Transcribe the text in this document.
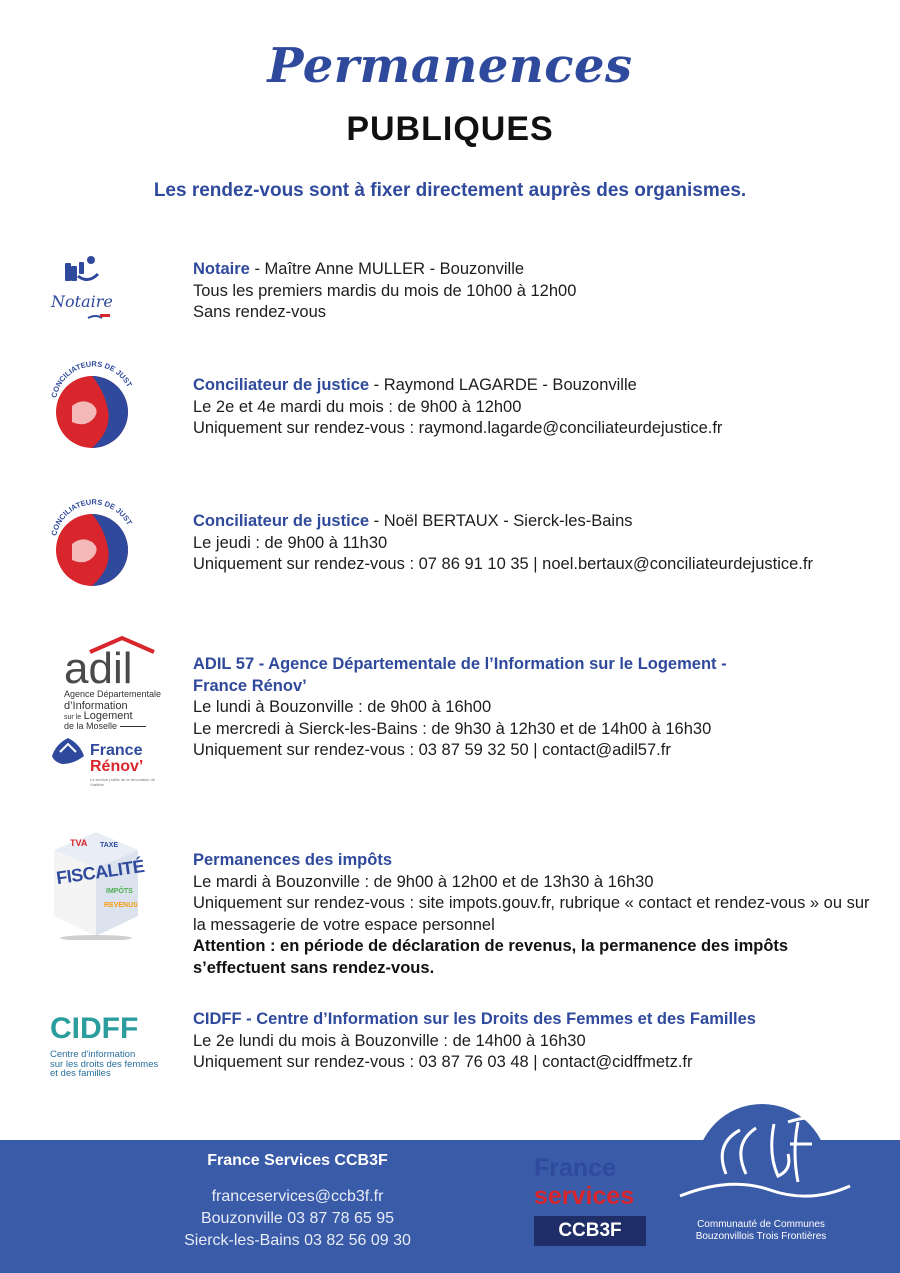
Permanences
PUBLIQUES

Les rendez-vous sont à fixer directement auprès des organismes.

Notaire
Notaire - Maître Anne MULLER - Bouzonville
Tous les premiers mardis du mois de 10h00 à 12h00
Sans rendez-vous
CONCILIATEURS DE JUST	Conciliateur de justice - Raymond LAGARDE - Bouzonville
Le 2e et 4e mardi du mois : de 9h00 à 12h00
Uniquement sur rendez-vous : raymond.lagarde@conciliateurdejustice.fr
CONCILIATEURS DE JUST	Conciliateur de justice - Noël BERTAUX - Sierck-les-Bains
Le jeudi : de 9h00 à 11h30
Uniquement sur rendez-vous : 07 86 91 10 35 | noel.bertaux@conciliateurdejustice.fr
adil
Agence Départementale
d’Information
sur le Logement
de la Moselle
France
Rénov’
Le service public de la rénovation de l'habitat
ADIL 57 - Agence Départementale de l’Information sur le Logement -
France Rénov’
Le lundi à Bouzonville : de 9h00 à 16h00
Le mercredi à Sierck-les-Bains : de 9h30 à 12h30 et de 14h00 à 16h30
Uniquement sur rendez-vous : 03 87 59 32 50 | contact@adil57.fr
TVA TAXE
IMPÔTS
REVENUS
FISCALITÉ	Permanences des impôts
Le mardi à Bouzonville : de 9h00 à 12h00 et de 13h30 à 16h30
Uniquement sur rendez-vous : site impots.gouv.fr, rubrique « contact et rendez-vous » ou sur la messagerie de votre espace personnel
Attention : en période de déclaration de revenus, la permanence des impôts s’effectuent sans rendez-vous.
CIDFF
Centre d'information
sur les droits des femmes
et des familles
CIDFF - Centre d’Information sur les Droits des Femmes et des Familles
Le 2e lundi du mois à Bouzonville : de 14h00 à 16h30
Uniquement sur rendez-vous : 03 87 76 03 48 | contact@cidffmetz.fr
France Services CCB3F
franceservices@ccb3f.fr
Bouzonville 03 87 78 65 95
Sierck-les-Bains 03 82 56 09 30
France
services
CCB3F	Communauté de Communes
Bouzonvillois Trois Frontières
